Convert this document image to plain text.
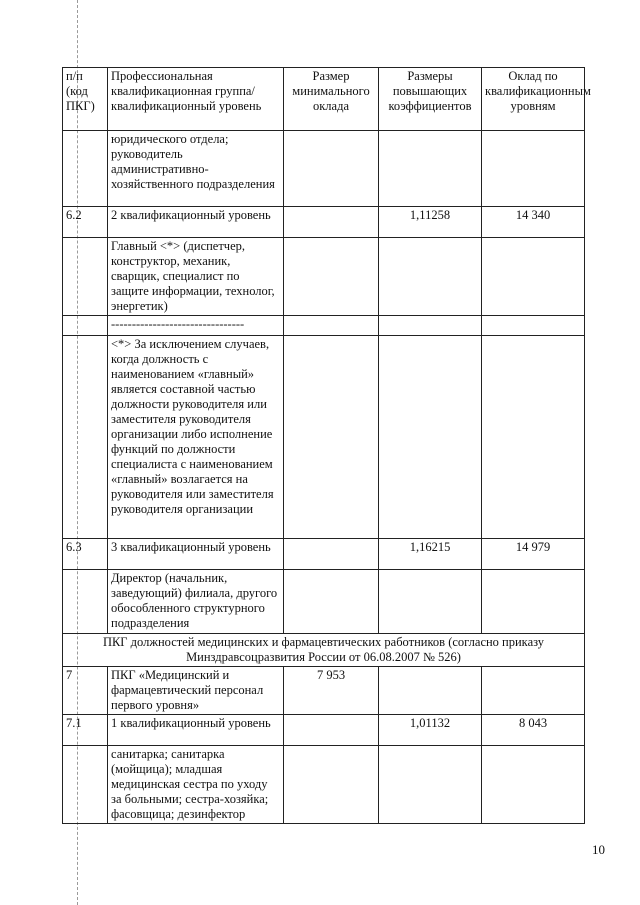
п/п (код ПКГ)	Профессиональная квалификационная группа/квалификационный уровень	Размер минимального оклада	Размеры повышающих коэффициентов	Оклад по квалификационным уровням
	юридического отдела; руководитель административно-хозяйственного подразделения			
6.2	2 квалификационный уровень		1,11258	14 340
	Главный <*> (диспетчер, конструктор, механик, сварщик, специалист по защите информации, технолог, энергетик)			
	--------------------------------			
	<*> За исключением случаев, когда должность с наименованием «главный» является составной частью должности руководителя или заместителя руководителя организации либо исполнение функций по должности специалиста с наименованием «главный» возлагается на руководителя или заместителя руководителя организации			
6.3	3 квалификационный уровень		1,16215	14 979
	Директор (начальник, заведующий) филиала, другого обособленного структурного подразделения			
ПКГ должностей медицинских и фармацевтических работников (согласно приказу Минздравсоцразвития России от 06.08.2007 № 526)				
7	ПКГ «Медицинский и фармацевтический персонал первого уровня»	7 953		
7.1	1 квалификационный уровень		1,01132	8 043
	санитарка; санитарка (мойщица); младшая медицинская сестра по уходу за больными; сестра-хозяйка; фасовщица; дезинфектор			
10
